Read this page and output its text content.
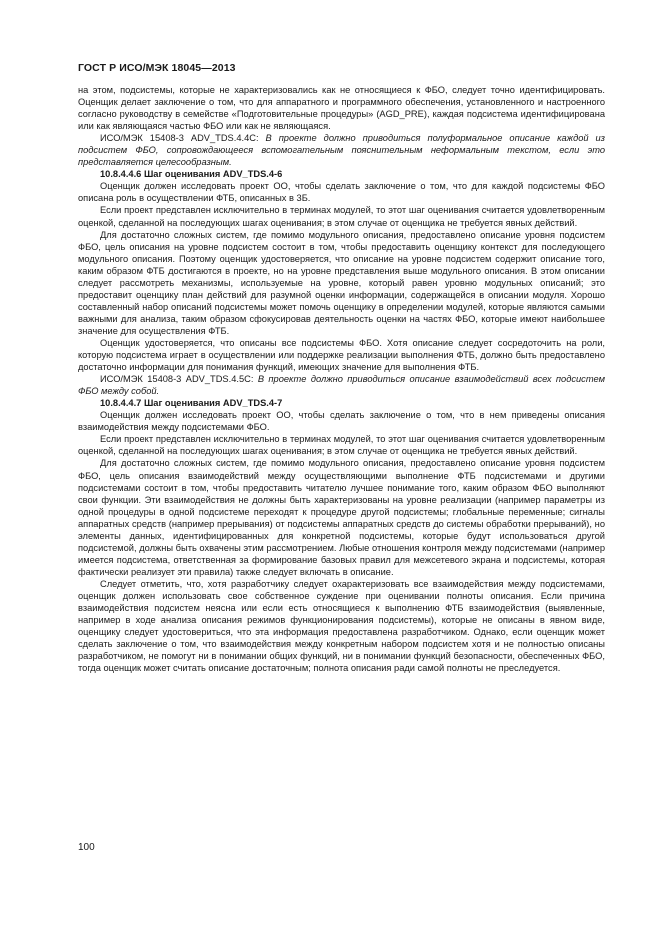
ГОСТ Р ИСО/МЭК 18045—2013

на этом, подсистемы, которые не характеризовались как не относящиеся к ФБО, следует точно идентифицировать. Оценщик делает заключение о том, что для аппаратного и программного обеспечения, установленного и настроенного согласно руководству в семействе «Подготовительные процедуры» (AGD_PRE), каждая подсистема идентифицирована или как являющаяся частью ФБО или как не являющаяся.

ИСО/МЭК 15408-3 ADV_TDS.4.4C: В проекте должно приводиться полуформальное описание каждой из подсистем ФБО, сопровождающееся вспомогательным пояснительным неформальным текстом, если это представляется целесообразным.

10.8.4.4.6 Шаг оценивания ADV_TDS.4-6

Оценщик должен исследовать проект ОО, чтобы сделать заключение о том, что для каждой подсистемы ФБО описана роль в осуществлении ФТБ, описанных в 3Б.

Если проект представлен исключительно в терминах модулей, то этот шаг оценивания считается удовлетворенным оценкой, сделанной на последующих шагах оценивания; в этом случае от оценщика не требуется явных действий.

Для достаточно сложных систем, где помимо модульного описания, предоставлено описание уровня подсистем ФБО, цель описания на уровне подсистем состоит в том, чтобы предоставить оценщику контекст для последующего модульного описания. Поэтому оценщик удостоверяется, что описание на уровне подсистем содержит описание того, каким образом ФТБ достигаются в проекте, но на уровне представления выше модульного описания. В этом описании следует рассмотреть механизмы, используемые на уровне, который равен уровню модульных описаний; это предоставит оценщику план действий для разумной оценки информации, содержащейся в описании модуля. Хорошо составленный набор описаний подсистемы может помочь оценщику в определении модулей, которые являются самыми важными для анализа, таким образом сфокусировав деятельность оценки на частях ФБО, которые имеют наибольшее значение для осуществления ФТБ.

Оценщик удостоверяется, что описаны все подсистемы ФБО. Хотя описание следует сосредоточить на роли, которую подсистема играет в осуществлении или поддержке реализации выполнения ФТБ, должно быть предоставлено достаточно информации для понимания функций, имеющих значение для выполнения ФТБ.

ИСО/МЭК 15408-3 ADV_TDS.4.5C: В проекте должно приводиться описание взаимодействий всех подсистем ФБО между собой.

10.8.4.4.7 Шаг оценивания ADV_TDS.4-7

Оценщик должен исследовать проект ОО, чтобы сделать заключение о том, что в нем приведены описания взаимодействия между подсистемами ФБО.

Если проект представлен исключительно в терминах модулей, то этот шаг оценивания считается удовлетворенным оценкой, сделанной на последующих шагах оценивания; в этом случае от оценщика не требуется явных действий.

Для достаточно сложных систем, где помимо модульного описания, предоставлено описание уровня подсистем ФБО, цель описания взаимодействий между осуществляющими выполнение ФТБ подсистемами и другими подсистемами состоит в том, чтобы предоставить читателю лучшее понимание того, каким образом ФБО выполняют свои функции. Эти взаимодействия не должны быть характеризованы на уровне реализации (например параметры из одной процедуры в одной подсистеме переходят к процедуре другой подсистемы; глобальные переменные; сигналы аппаратных средств (например прерывания) от подсистемы аппаратных средств до системы обработки прерываний), но элементы данных, идентифицированных для конкретной подсистемы, которые будут использоваться другой подсистемой, должны быть охвачены этим рассмотрением. Любые отношения контроля между подсистемами (например имеется подсистема, ответственная за формирование базовых правил для межсетевого экрана и подсистемы, которая фактически реализует эти правила) также следует включать в описание.

Следует отметить, что, хотя разработчику следует охарактеризовать все взаимодействия между подсистемами, оценщик должен использовать свое собственное суждение при оценивании полноты описания. Если причина взаимодействия подсистем неясна или если есть относящиеся к выполнению ФТБ взаимодействия (выявленные, например в ходе анализа описания режимов функционирования подсистемы), которые не описаны в явном виде, оценщику следует удостовериться, что эта информация предоставлена разработчиком. Однако, если оценщик может сделать заключение о том, что взаимодействия между конкретным набором подсистем хотя и не полностью описаны разработчиком, не помогут ни в понимании общих функций, ни в понимании функций безопасности, обеспеченных ФБО, тогда оценщик может считать описание достаточным; полнота описания ради самой полноты не преследуется.

100
